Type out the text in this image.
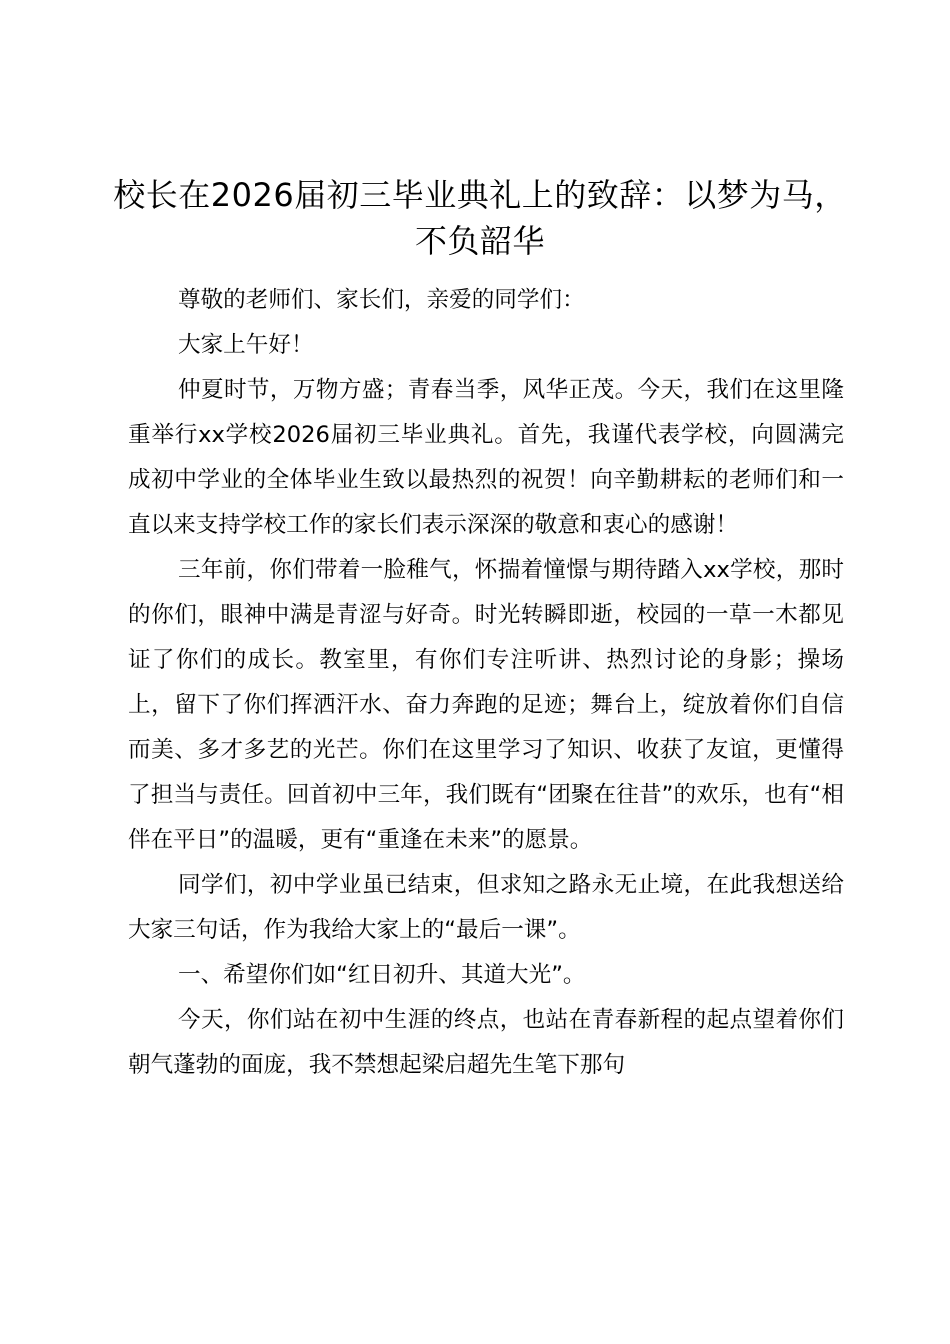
校长在2026届初三毕业典礼上的致辞：以梦为马，不负韶华

尊敬的老师们、家长们，亲爱的同学们：

大家上午好！

仲夏时节，万物方盛；青春当季，风华正茂。今天，我们在这里隆重举行xx学校2026届初三毕业典礼。首先，我谨代表学校，向圆满完成初中学业的全体毕业生致以最热烈的祝贺！向辛勤耕耘的老师们和一直以来支持学校工作的家长们表示深深的敬意和衷心的感谢！

三年前，你们带着一脸稚气，怀揣着憧憬与期待踏入xx学校，那时的你们，眼神中满是青涩与好奇。时光转瞬即逝，校园的一草一木都见证了你们的成长。教室里，有你们专注听讲、热烈讨论的身影；操场上，留下了你们挥洒汗水、奋力奔跑的足迹；舞台上，绽放着你们自信而美、多才多艺的光芒。你们在这里学习了知识、收获了友谊，更懂得了担当与责任。回首初中三年，我们既有“团聚在往昔”的欢乐，也有“相伴在平日”的温暖，更有“重逢在未来”的愿景。

同学们，初中学业虽已结束，但求知之路永无止境，在此我想送给大家三句话，作为我给大家上的“最后一课”。

一、希望你们如“红日初升、其道大光”。

今天，你们站在初中生涯的终点，也站在青春新程的起点望着你们朝气蓬勃的面庞，我不禁想起梁启超先生笔下那句
